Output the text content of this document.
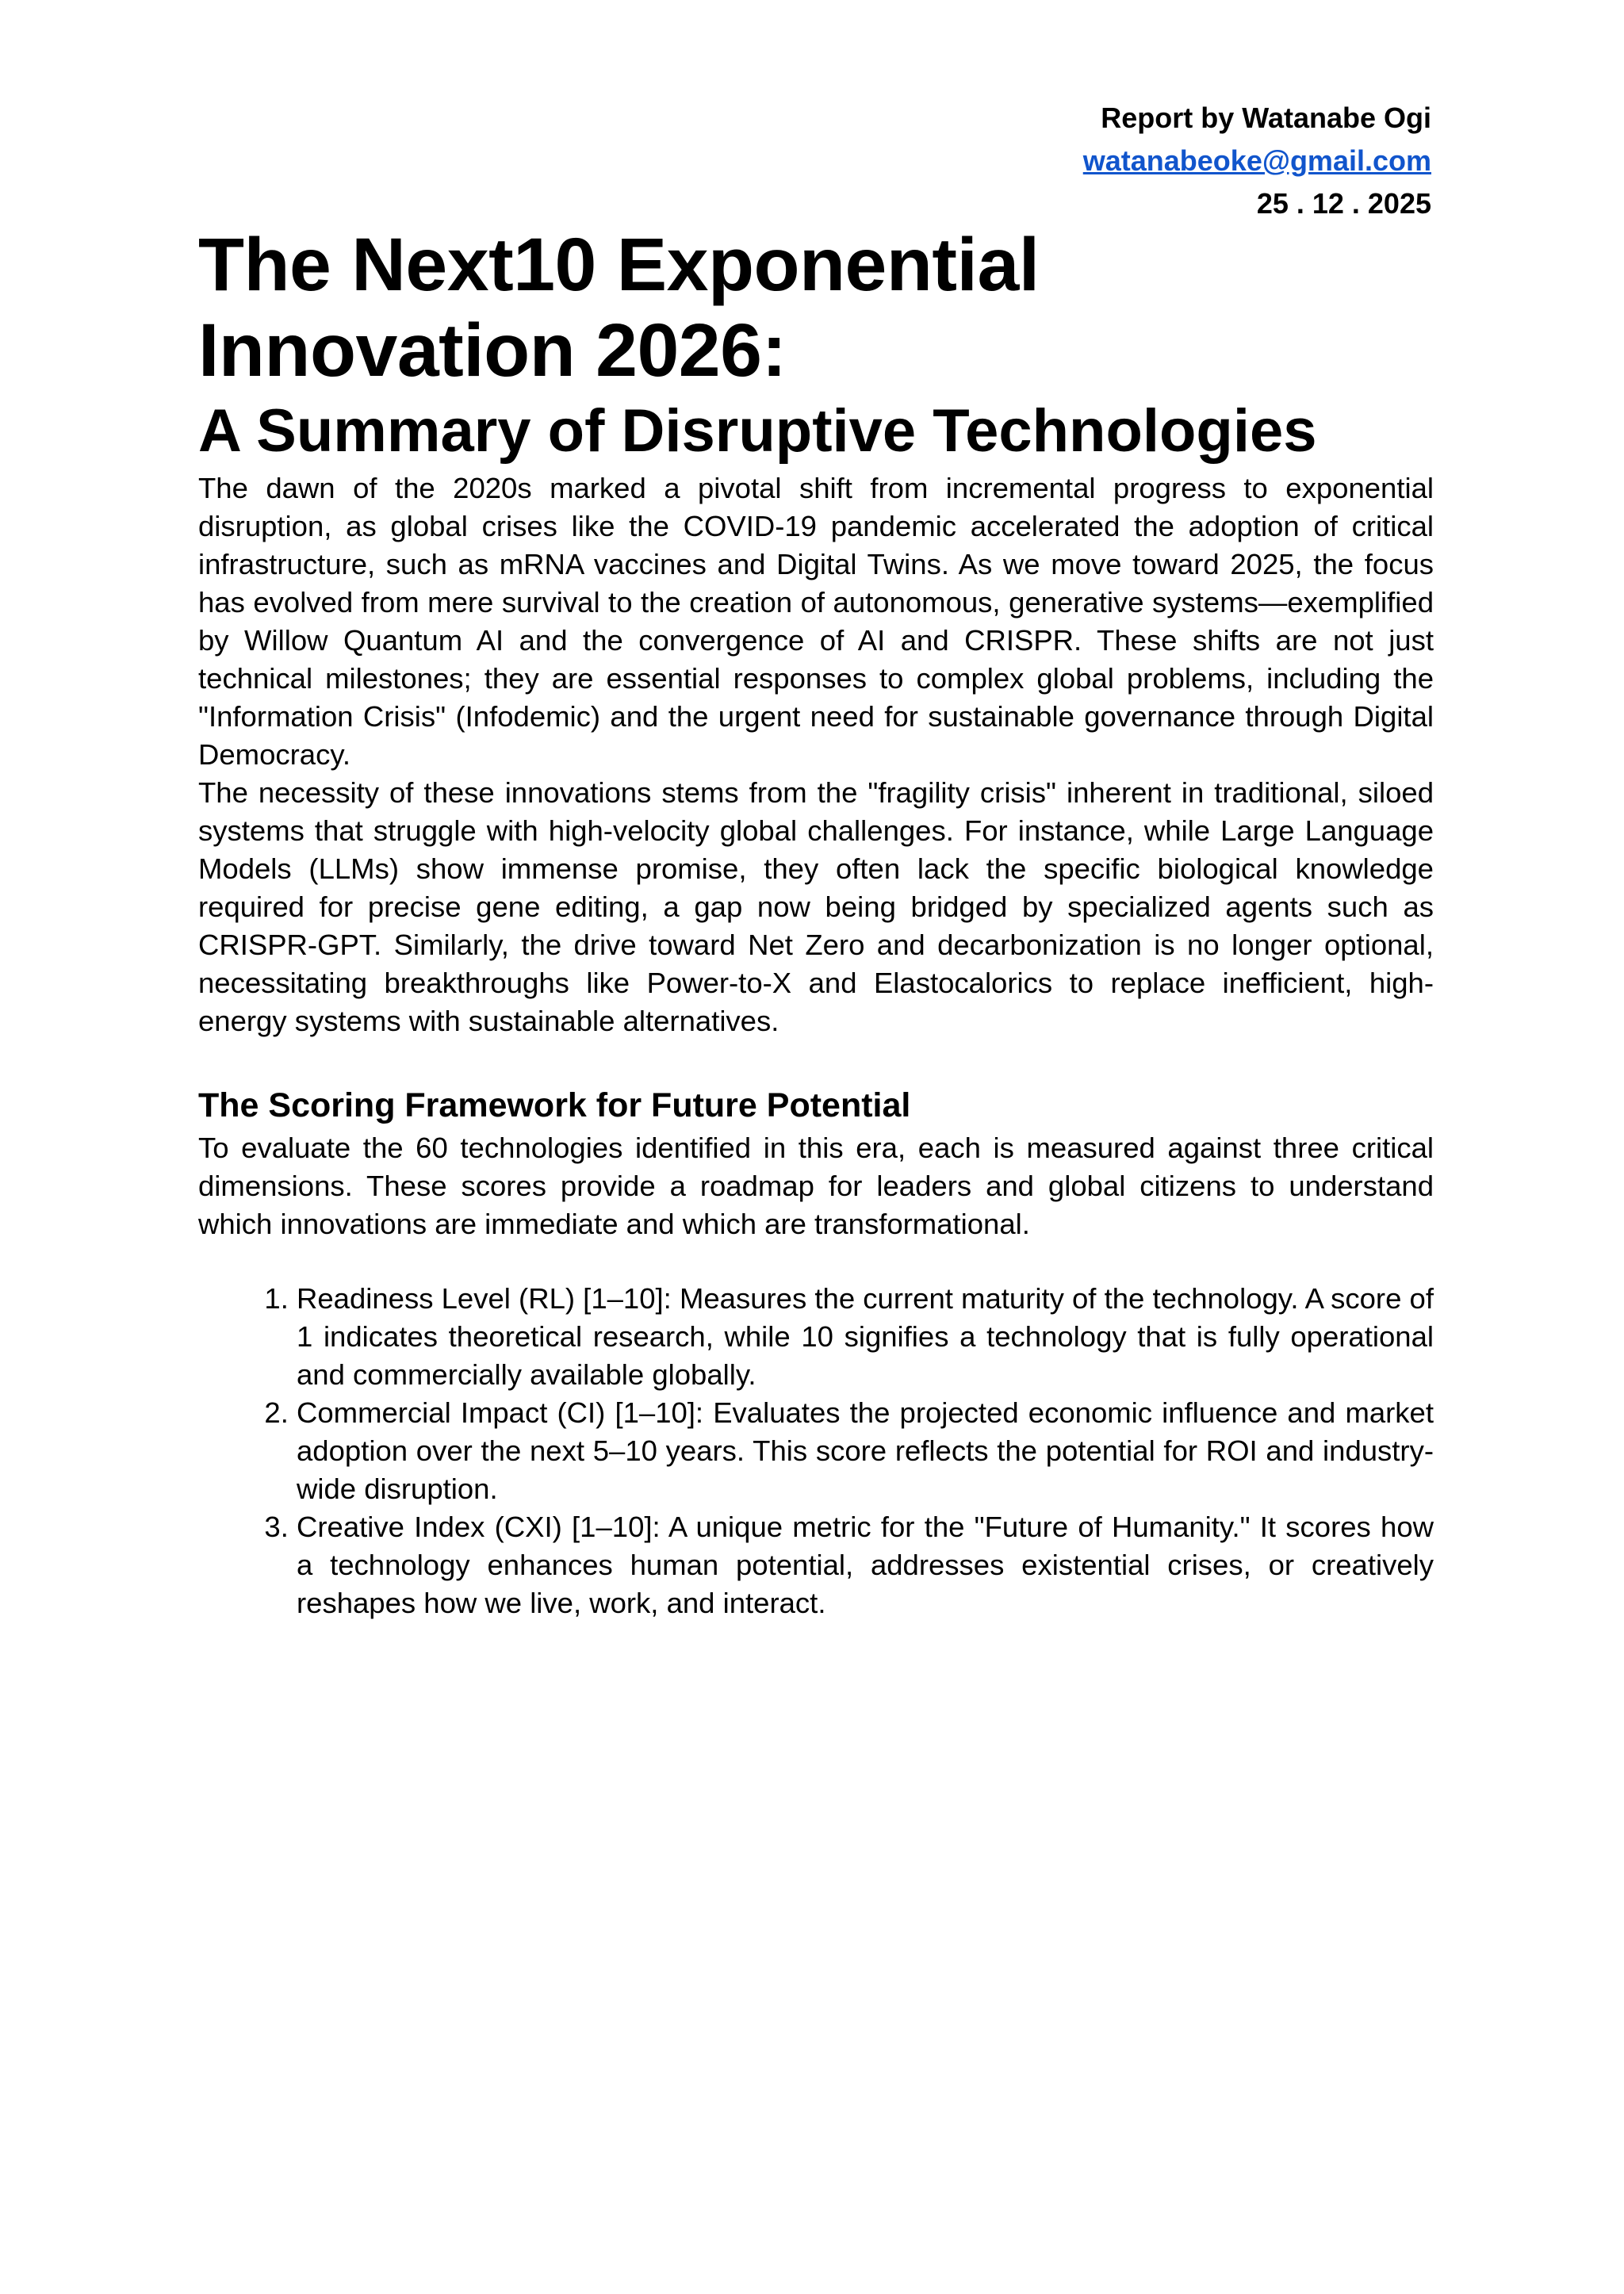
Report by Watanabe Ogi
watanabeoke@gmail.com
25 . 12 . 2025
The Next10 Exponential
Innovation 2026:
A Summary of Disruptive Technologies

The dawn of the 2020s marked a pivotal shift from incremental progress to exponential disruption, as global crises like the COVID-19 pandemic accelerated the adoption of critical infrastructure, such as mRNA vaccines and Digital Twins. As we move toward 2025, the focus has evolved from mere survival to the creation of autonomous, generative systems—exemplified by Willow Quantum AI and the convergence of AI and CRISPR. These shifts are not just technical milestones; they are essential responses to complex global problems, including the "Information Crisis" (Infodemic) and the urgent need for sustainable governance through Digital Democracy.

The necessity of these innovations stems from the "fragility crisis" inherent in traditional, siloed systems that struggle with high-velocity global challenges. For instance, while Large Language Models (LLMs) show immense promise, they often lack the specific biological knowledge required for precise gene editing, a gap now being bridged by specialized agents such as CRISPR-GPT. Similarly, the drive toward Net Zero and decarbonization is no longer optional, necessitating breakthroughs like Power-to-X and Elastocalorics to replace inefficient, high-energy systems with sustainable alternatives.

The Scoring Framework for Future Potential

To evaluate the 60 technologies identified in this era, each is measured against three critical dimensions. These scores provide a roadmap for leaders and global citizens to understand which innovations are immediate and which are transformational.

1. Readiness Level (RL) [1–10]: Measures the current maturity of the technology. A score of 1 indicates theoretical research, while 10 signifies a technology that is fully operational and commercially available globally.
2. Commercial Impact (CI) [1–10]: Evaluates the projected economic influence and market adoption over the next 5–10 years. This score reflects the potential for ROI and industry-wide disruption.
3. Creative Index (CXI) [1–10]: A unique metric for the "Future of Humanity." It scores how a technology enhances human potential, addresses existential crises, or creatively reshapes how we live, work, and interact.
